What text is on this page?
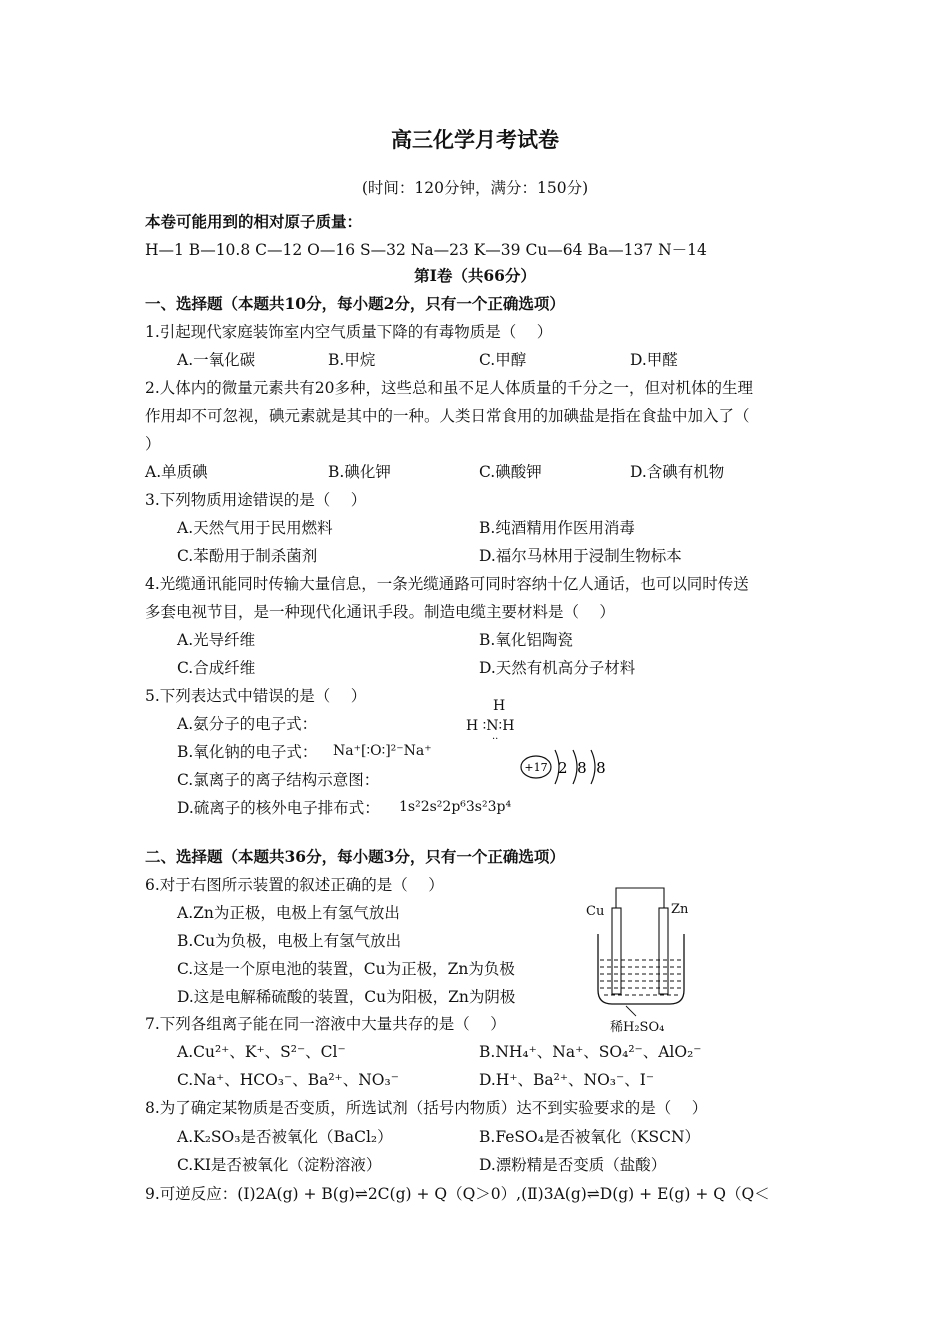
高三化学月考试卷
(时间：120分钟，满分：150分)
本卷可能用到的相对原子质量：
H—1 B—10.8 C—12 O—16 S—32 Na—23 K—39 Cu—64 Ba—137 N－14
第Ⅰ卷（共66分）
一、选择题（本题共10分，每小题2分，只有一个正确选项）
1.引起现代家庭装饰室内空气质量下降的有毒物质是（　 ）
A.一氧化碳	B.甲烷	C.甲醇	D.甲醛
2.人体内的微量元素共有20多种，这些总和虽不足人体质量的千分之一，但对机体的生理
作用却不可忽视，碘元素就是其中的一种。人类日常食用的加碘盐是指在食盐中加入了（
）
A.单质碘	B.碘化钾	C.碘酸钾	D.含碘有机物
3.下列物质用途错误的是（　 ）
A.天然气用于民用燃料	B.纯酒精用作医用消毒
C.苯酚用于制杀菌剂	D.福尔马林用于浸制生物标本
4.光缆通讯能同时传输大量信息，一条光缆通路可同时容纳十亿人通话，也可以同时传送
多套电视节目，是一种现代化通讯手段。制造电缆主要材料是（　 ）
A.光导纤维	B.氧化铝陶瓷
C.合成纤维	D.天然有机高分子材料
5.下列表达式中错误的是（　 ）
H
A.氨分子的电子式：	H ∶N∶H
··
B.氧化钠的电子式： Na⁺[∶O∶]²⁻Na⁺
C.氯离子的离子结构示意图：
+17 2  8  8
D.硫离子的核外电子排布式： 1s²2s²2p⁶3s²3p⁴
二、选择题（本题共36分，每小题3分，只有一个正确选项）
6.对于右图所示装置的叙述正确的是（　 ）
A.Zn为正极，电极上有氢气放出
B.Cu为负极，电极上有氢气放出
C.这是一个原电池的装置，Cu为正极，Zn为负极
D.这是电解稀硫酸的装置，Cu为阳极，Zn为阴极
Cu	Zn
稀H₂SO₄
7.下列各组离子能在同一溶液中大量共存的是（　 ）
A.Cu²⁺、K⁺、S²⁻、Cl⁻	B.NH₄⁺、Na⁺、SO₄²⁻、AlO₂⁻
C.Na⁺、HCO₃⁻、Ba²⁺、NO₃⁻	D.H⁺、Ba²⁺、NO₃⁻、I⁻
8.为了确定某物质是否变质，所选试剂（括号内物质）达不到实验要求的是（　 ）
A.K₂SO₃是否被氧化（BaCl₂）	B.FeSO₄是否被氧化（KSCN）
C.KI是否被氧化（淀粉溶液）	D.漂粉精是否变质（盐酸）
9.可逆反应：(Ⅰ)2A(g) + B(g)⇌2C(g) + Q（Q＞0）,(Ⅱ)3A(g)⇌D(g) + E(g) + Q（Q＜
